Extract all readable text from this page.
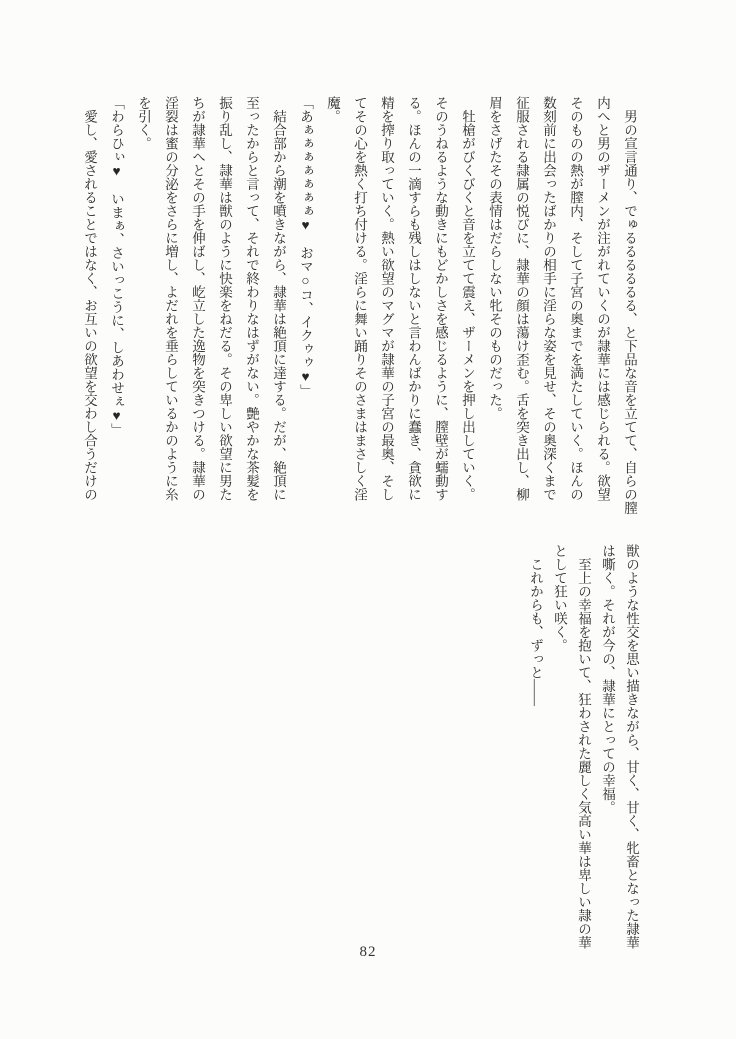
　男の宣言通り、でゅるるるるるる、と下品な音を立てて、自らの膣
内へと男のザーメンが注がれていくのが隷華には感じられる。欲望
そのものの熱が膣内、そして子宮の奥までを満たしていく。ほんの
数刻前に出会ったばかりの相手に淫らな姿を見せ、その奥深くまで
征服される隷属の悦びに、隷華の顔は蕩け歪む。舌を突き出し、柳
眉をさげたその表情はだらしない牝そのものだった。
　牡槍がびくびくと音を立てて震え、ザーメンを押し出していく。
そのうねるような動きにもどかしさを感じるように、膣壁が蠕動す
る。ほんの一滴すらも残しはしないと言わんばかりに蠢き、貪欲に
精を搾り取っていく。熱い欲望のマグマが隷華の子宮の最奥、そし
てその心を熱く打ち付ける。淫らに舞い踊りそのさまはまさしく淫
魔。
「あぁぁぁぁぁぁぁ♥　おマ○コ、イクゥゥ♥」
　結合部から潮を噴きながら、隷華は絶頂に達する。だが、絶頂に
至ったからと言って、それで終わりなはずがない。艶やかな茶髪を
振り乱し、隷華は獣のように快楽をねだる。その卑しい欲望に男た
ちが隷華へとその手を伸ばし、屹立した逸物を突きつける。隷華の
淫裂は蜜の分泌をさらに増し、よだれを垂らしているかのように糸
を引く。
「わらひぃ♥　いまぁ、さいっこうに、しあわせぇ♥」
　愛し、愛されることではなく、お互いの欲望を交わし合うだけの
獣のような性交を思い描きながら、甘く、甘く、牝畜となった隷華
は嘶く。それが今の、隷華にとっての幸福。
　至上の幸福を抱いて、狂わされた麗しく気高い華は卑しい隷の華
として狂い咲く。
　これからも、ずっと――
82
